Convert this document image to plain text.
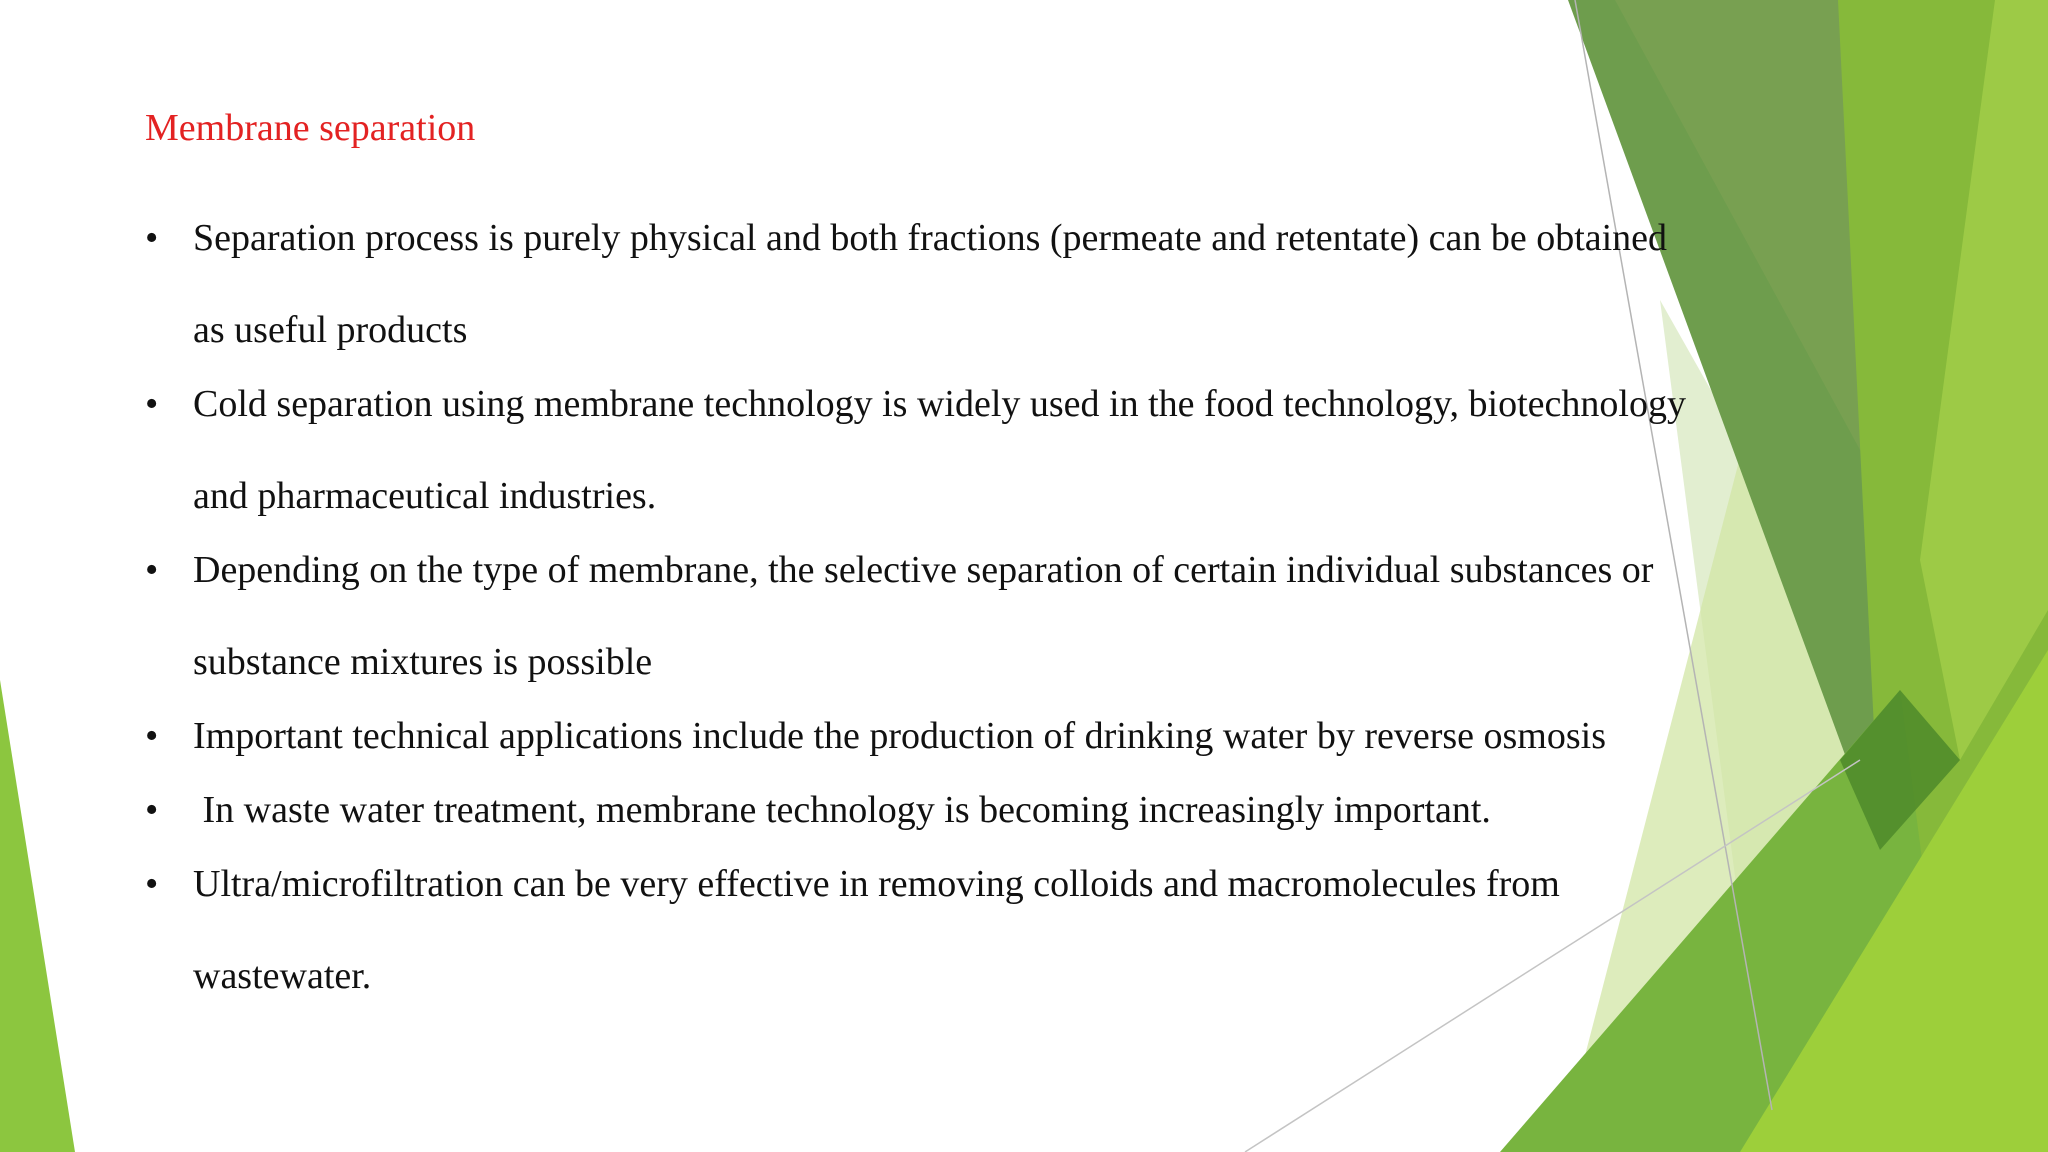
Membrane separation
• Separation process is purely physical and both fractions (permeate and retentate) can be obtained as useful products
• Cold separation using membrane technology is widely used in the food technology, biotechnology and pharmaceutical industries.
• Depending on the type of membrane, the selective separation of certain individual substances or substance mixtures is possible
• Important technical applications include the production of drinking water by reverse osmosis
• In waste water treatment, membrane technology is becoming increasingly important.
• Ultra/microfiltration can be very effective in removing colloids and macromolecules from wastewater.
